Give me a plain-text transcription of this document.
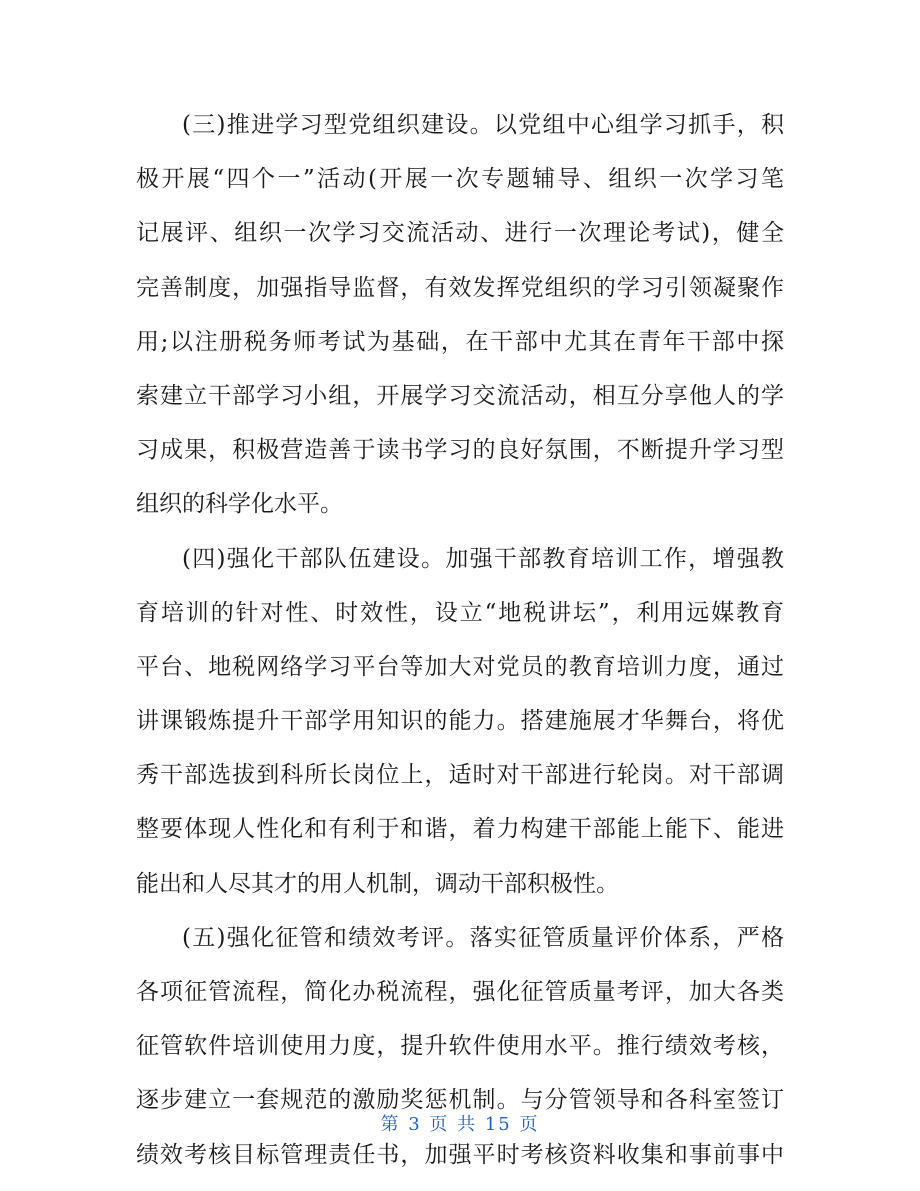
(三)推进学习型党组织建设。以党组中心组学习抓手，积
极开展“四个一”活动(开展一次专题辅导、组织一次学习笔
记展评、组织一次学习交流活动、进行一次理论考试)，健全
完善制度，加强指导监督，有效发挥党组织的学习引领凝聚作
用;以注册税务师考试为基础，在干部中尤其在青年干部中探
索建立干部学习小组，开展学习交流活动，相互分享他人的学
习成果，积极营造善于读书学习的良好氛围，不断提升学习型
组织的科学化水平。
(四)强化干部队伍建设。加强干部教育培训工作，增强教
育培训的针对性、时效性，设立“地税讲坛”，利用远媒教育
平台、地税网络学习平台等加大对党员的教育培训力度，通过
讲课锻炼提升干部学用知识的能力。搭建施展才华舞台，将优
秀干部选拔到科所长岗位上，适时对干部进行轮岗。对干部调
整要体现人性化和有利于和谐，着力构建干部能上能下、能进
能出和人尽其才的用人机制，调动干部积极性。
(五)强化征管和绩效考评。落实征管质量评价体系，严格
各项征管流程，简化办税流程，强化征管质量考评，加大各类
征管软件培训使用力度，提升软件使用水平。推行绩效考核，
逐步建立一套规范的激励奖惩机制。与分管领导和各科室签订
绩效考核目标管理责任书，加强平时考核资料收集和事前事中
第 3 页 共 15 页
